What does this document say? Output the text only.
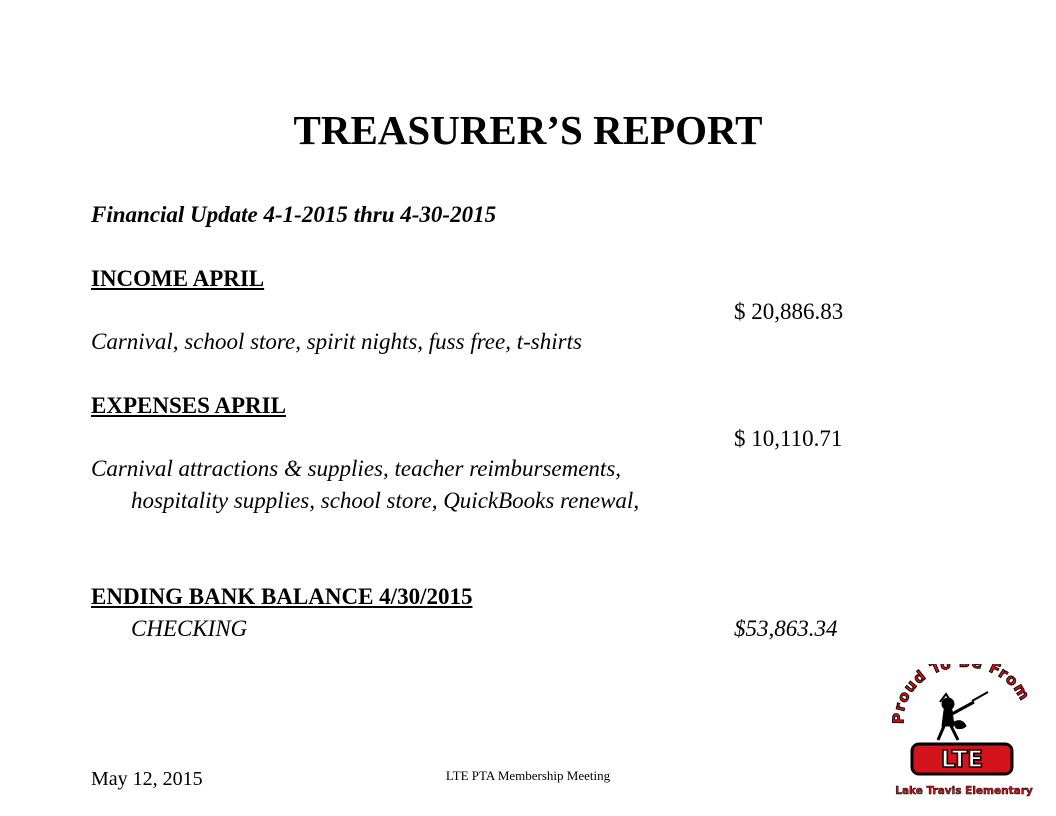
TREASURER’S REPORT
Financial Update 4-1-2015 thru 4-30-2015
INCOME APRIL
$ 20,886.83
Carnival, school store, spirit nights, fuss free, t-shirts
EXPENSES APRIL
$ 10,110.71
Carnival attractions & supplies, teacher reimbursements,
hospitality supplies, school store, QuickBooks renewal,
ENDING BANK BALANCE 4/30/2015
CHECKING	$53,863.34
May 12, 2015	LTE PTA Membership Meeting
Proud To From
LTE
Lake Travis Elementary
